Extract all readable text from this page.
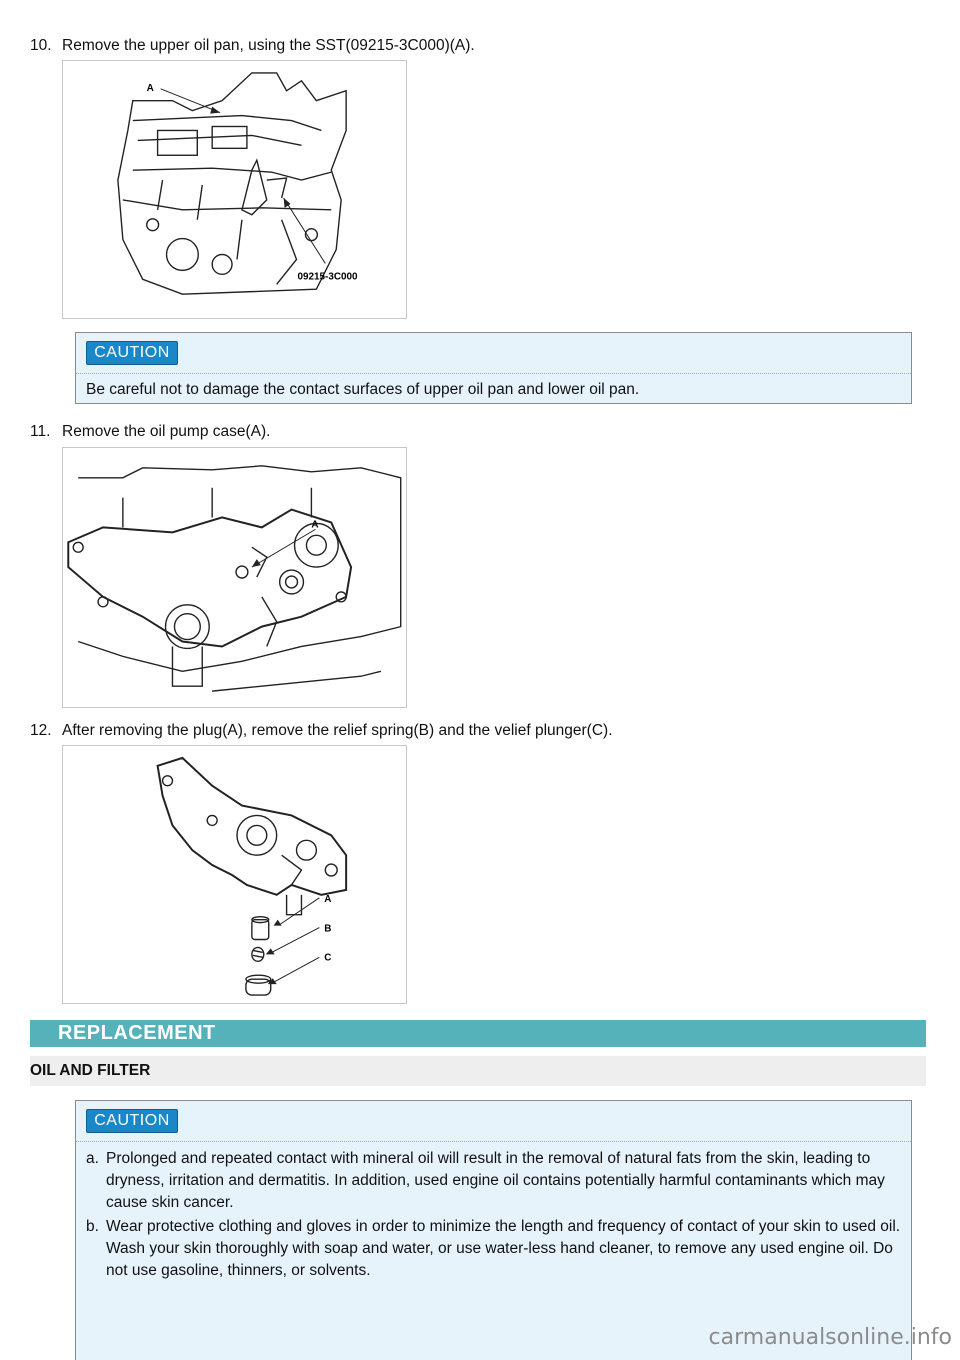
10. Remove the upper oil pan, using the SST(09215-3C000)(A).
A
09215-3C000
CAUTION
Be careful not to damage the contact surfaces of upper oil pan and lower oil pan.
11. Remove the oil pump case(A).
A
12. After removing the plug(A), remove the relief spring(B) and the velief plunger(C).
A
B
C
REPLACEMENT
OIL AND FILTER
CAUTION
a. Prolonged and repeated contact with mineral oil will result in the removal of natural fats from the skin, leading to dryness, irritation and dermatitis. In addition, used engine oil contains potentially harmful contaminants which may cause skin cancer.
b. Wear protective clothing and gloves in order to minimize the length and frequency of contact of your skin to used oil. Wash your skin thoroughly with soap and water, or use water-less hand cleaner, to remove any used engine oil. Do not use gasoline, thinners, or solvents.
carmanualsonline.info
